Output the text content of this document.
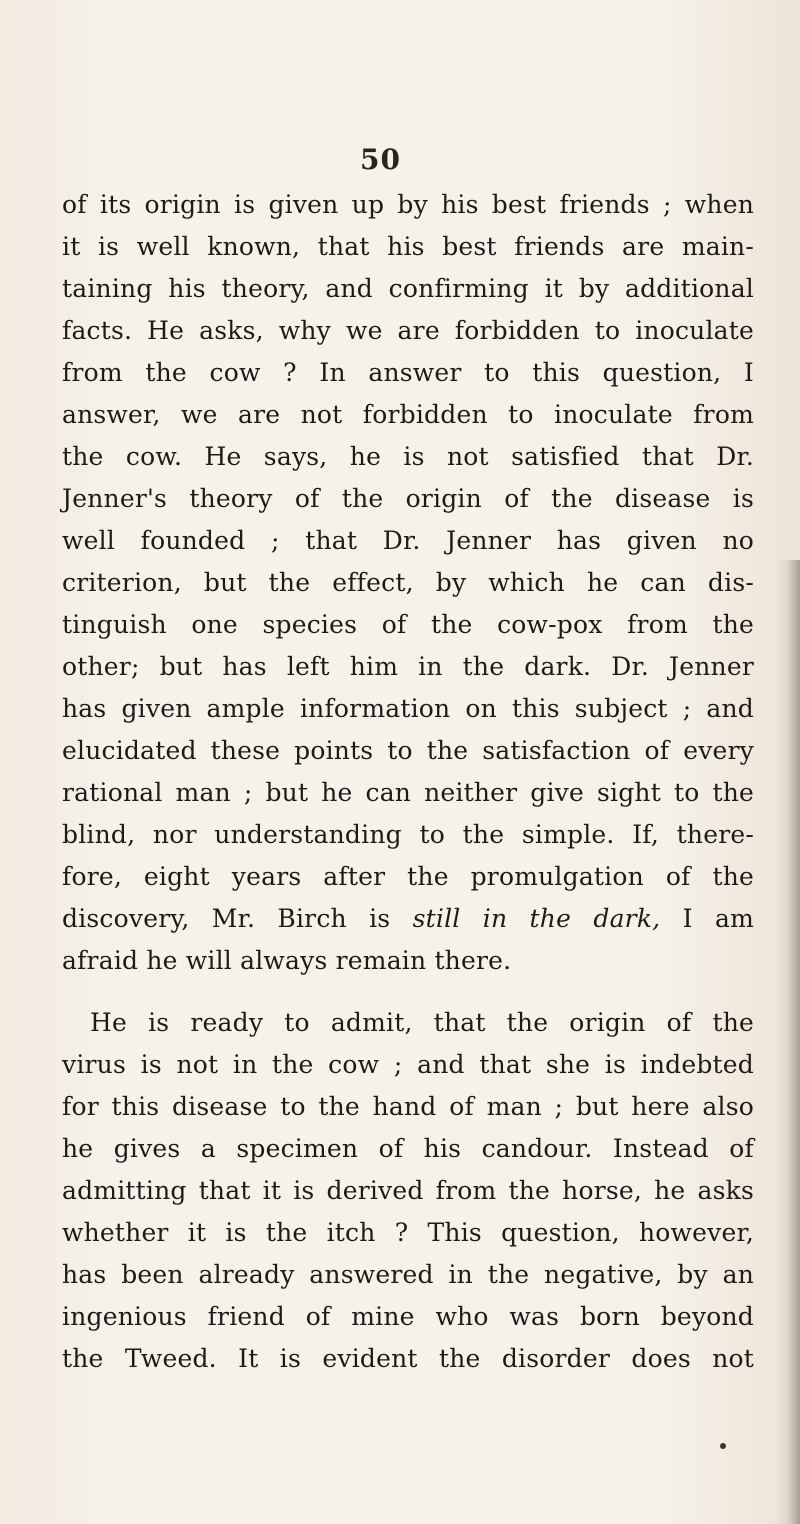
50
of its origin is given up by his best friends ; when
it is well known, that his best friends are main-
taining his theory, and confirming it by additional
facts. He asks, why we are forbidden to inoculate
from the cow ? In answer to this question, I
answer, we are not forbidden to inoculate from
the cow. He says, he is not satisfied that Dr.
Jenner's theory of the origin of the disease is
well founded ; that Dr. Jenner has given no
criterion, but the effect, by which he can dis-
tinguish one species of the cow-pox from the
other; but has left him in the dark. Dr. Jenner
has given ample information on this subject ; and
elucidated these points to the satisfaction of every
rational man ; but he can neither give sight to the
blind, nor understanding to the simple. If, there-
fore, eight years after the promulgation of the
discovery, Mr. Birch is still in the dark, I am
afraid he will always remain there.
He is ready to admit, that the origin of the
virus is not in the cow ; and that she is indebted
for this disease to the hand of man ; but here also
he gives a specimen of his candour. Instead of
admitting that it is derived from the horse, he asks
whether it is the itch ? This question, however,
has been already answered in the negative, by an
ingenious friend of mine who was born beyond
the Tweed. It is evident the disorder does not
